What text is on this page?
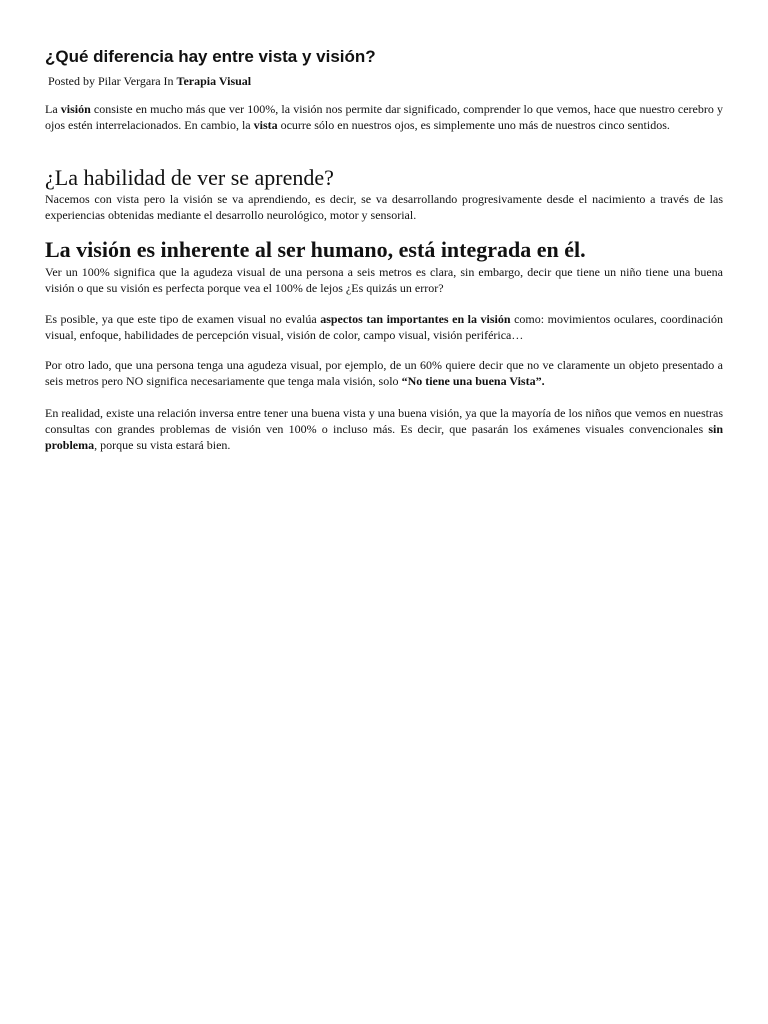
¿Qué diferencia hay entre vista y visión?
Posted by Pilar Vergara In Terapia Visual

La visión consiste en mucho más que ver 100%, la visión nos permite dar significado, comprender lo que vemos, hace que nuestro cerebro y ojos estén interrelacionados. En cambio, la vista ocurre sólo en nuestros ojos, es simplemente uno más de nuestros cinco sentidos.

¿La habilidad de ver se aprende?

Nacemos con vista pero la visión se va aprendiendo, es decir, se va desarrollando progresivamente desde el nacimiento a través de las experiencias obtenidas mediante el desarrollo neurológico, motor y sensorial.

La visión es inherente al ser humano, está integrada en él.

Ver un 100% significa que la agudeza visual de una persona a seis metros es clara, sin embargo, decir que tiene un niño tiene una buena visión o que su visión es perfecta porque vea el 100% de lejos ¿Es quizás un error?

Es posible, ya que este tipo de examen visual no evalúa aspectos tan importantes en la visión como: movimientos oculares, coordinación visual, enfoque, habilidades de percepción visual, visión de color, campo visual, visión periférica…

Por otro lado, que una persona tenga una agudeza visual, por ejemplo, de un 60% quiere decir que no ve claramente un objeto presentado a seis metros pero NO significa necesariamente que tenga mala visión, solo “No tiene una buena Vista”.

En realidad, existe una relación inversa entre tener una buena vista y una buena visión, ya que la mayoría de los niños que vemos en nuestras consultas con grandes problemas de visión ven 100% o incluso más. Es decir, que pasarán los exámenes visuales convencionales sin problema, porque su vista estará bien.
